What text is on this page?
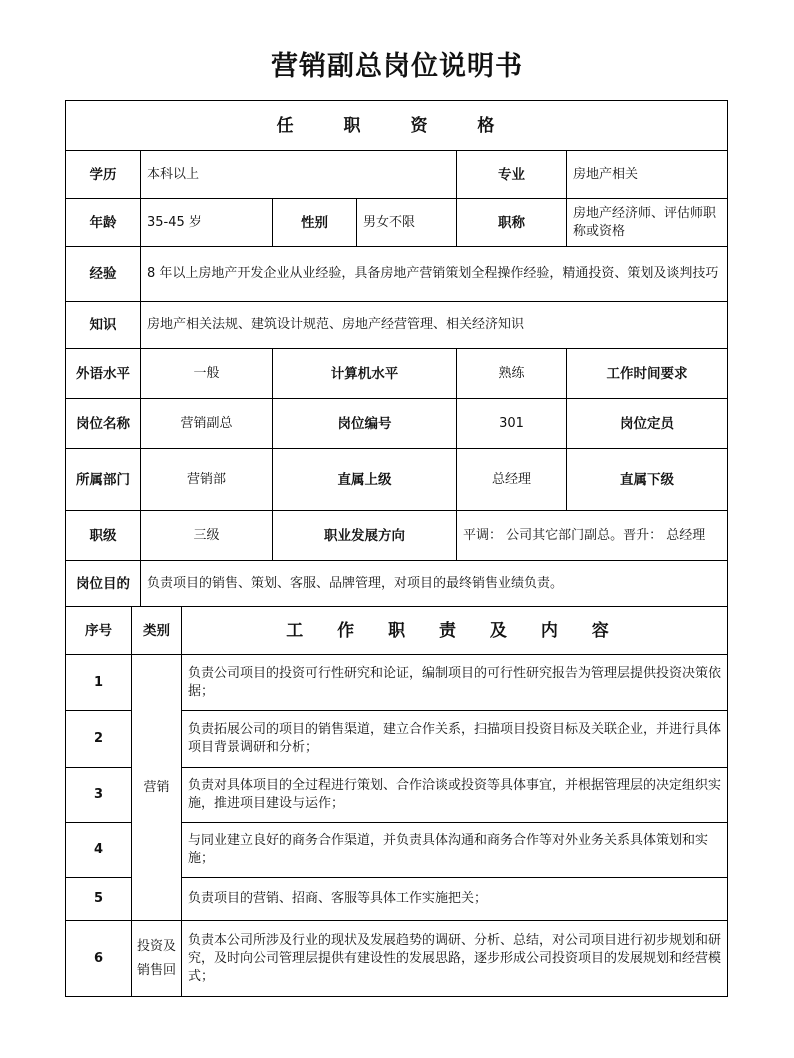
营销副总岗位说明书
任 职 资 格					
学历	本科以上			专业	房地产相关
年龄	35-45 岁	性别	男女不限	职称	房地产经济师、评估师职称或资格
经验	8 年以上房地产开发企业从业经验，具备房地产营销策划全程操作经验，精通投资、策划及谈判技巧				
知识	房地产相关法规、建筑设计规范、房地产经营管理、相关经济知识				
外语水平	一般	计算机水平		熟练	工作时间要求
岗位名称	营销副总	岗位编号		301	岗位定员
所属部门	营销部	直属上级		总经理	直属下级
职级	三级	职业发展方向		平调： 公司其它部门副总。晋升： 总经理	
岗位目的	负责项目的销售、策划、客服、品牌管理，对项目的最终销售业绩负责。				
序号	类别	工 作 职 责 及 内 容
1	营销	负责公司项目的投资可行性研究和论证，编制项目的可行性研究报告为管理层提供投资决策依据；
2		负责拓展公司的项目的销售渠道，建立合作关系，扫描项目投资目标及关联企业，并进行具体项目背景调研和分析；
3		负责对具体项目的全过程进行策划、合作洽谈或投资等具体事宜，并根据管理层的决定组织实施，推进项目建设与运作；
4		与同业建立良好的商务合作渠道，并负责具体沟通和商务合作等对外业务关系具体策划和实施；
5		负责项目的营销、招商、客服等具体工作实施把关；
6	投资及销售回	负责本公司所涉及行业的现状及发展趋势的调研、分析、总结，对公司项目进行初步规划和研究，及时向公司管理层提供有建设性的发展思路，逐步形成公司投资项目的发展规划和经营模式；
